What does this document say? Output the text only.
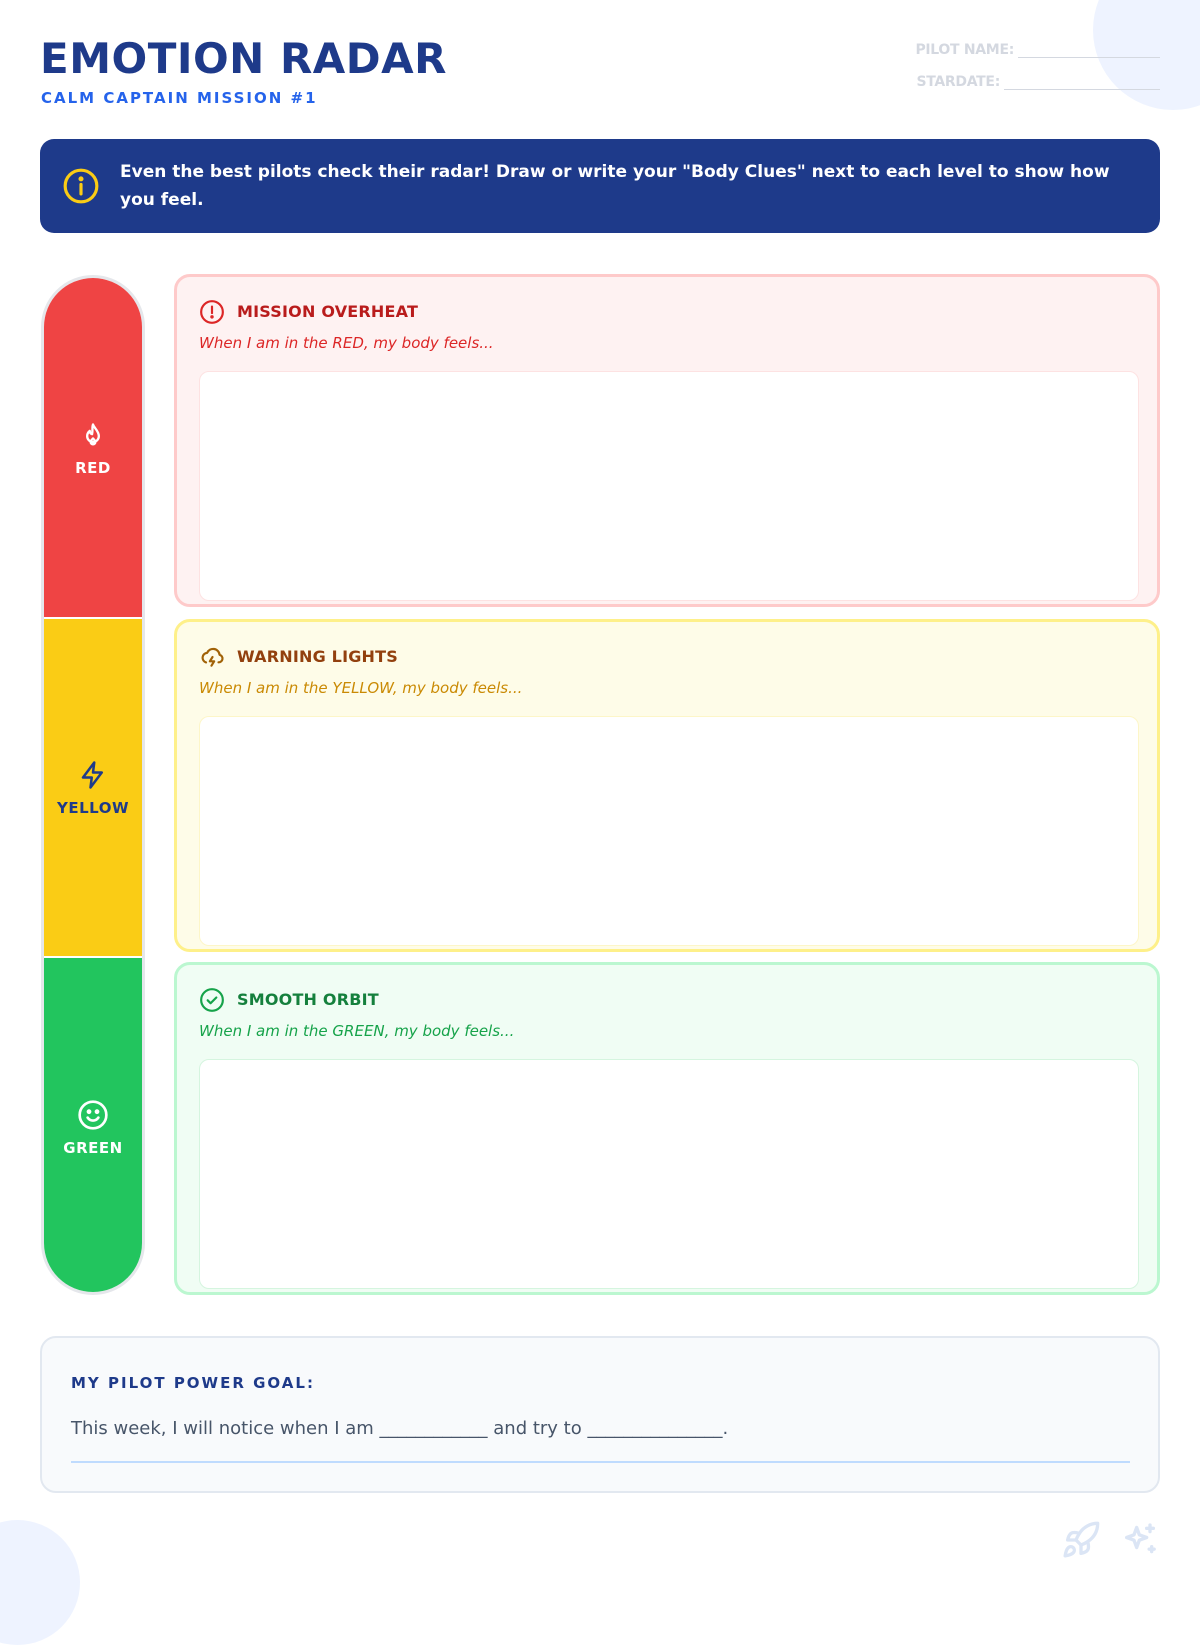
EMOTION RADAR
CALM CAPTAIN MISSION #1
PILOT NAME:
STARDATE:
Even the best pilots check their radar! Draw or write your "Body Clues" next to each level to show how you feel.
RED
YELLOW
GREEN
MISSION OVERHEAT
When I am in the RED, my body feels...
WARNING LIGHTS
When I am in the YELLOW, my body feels...
SMOOTH ORBIT
When I am in the GREEN, my body feels...
MY PILOT POWER GOAL:
This week, I will notice when I am ____________ and try to _______________.
